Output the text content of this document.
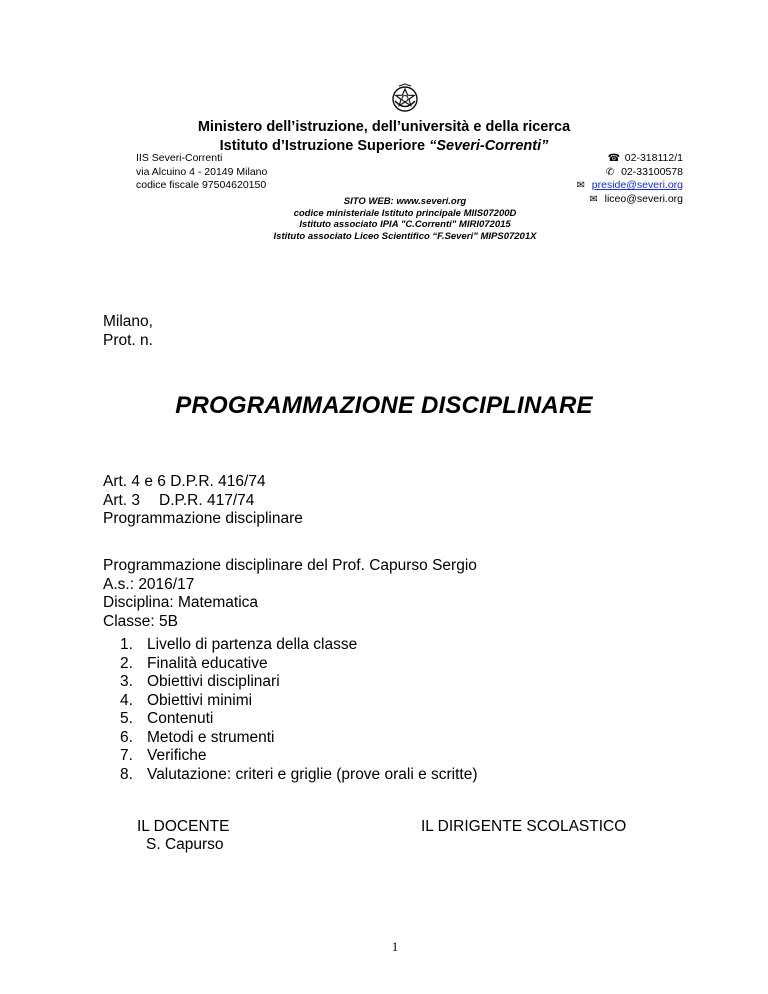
Ministero dell’istruzione, dell’università e della ricerca
Istituto d’Istruzione Superiore “Severi-Correnti”
IIS Severi-Correnti
via Alcuino 4 - 20149 Milano
codice fiscale 97504620150
☎ 02-318112/1
✆ 02-33100578
✉ preside@severi.org
✉ liceo@severi.org
SITO WEB: www.severi.org
codice ministeriale Istituto principale MIIS07200D
Istituto associato IPIA "C.Correnti" MIRI072015
Istituto associato Liceo Scientifico “F.Severi” MIPS07201X
Milano,
Prot. n.
PROGRAMMAZIONE DISCIPLINARE
Art. 4 e 6 D.P.R. 416/74
Art. 3 D.P.R. 417/74
Programmazione disciplinare
Programmazione disciplinare del Prof. Capurso Sergio
A.s.: 2016/17
Disciplina: Matematica
Classe: 5B
1. Livello di partenza della classe
2. Finalità educative
3. Obiettivi disciplinari
4. Obiettivi minimi
5. Contenuti
6. Metodi e strumenti
7. Verifiche
8. Valutazione: criteri e griglie (prove orali e scritte)
IL DOCENTE
S. Capurso
IL DIRIGENTE SCOLASTICO
1
